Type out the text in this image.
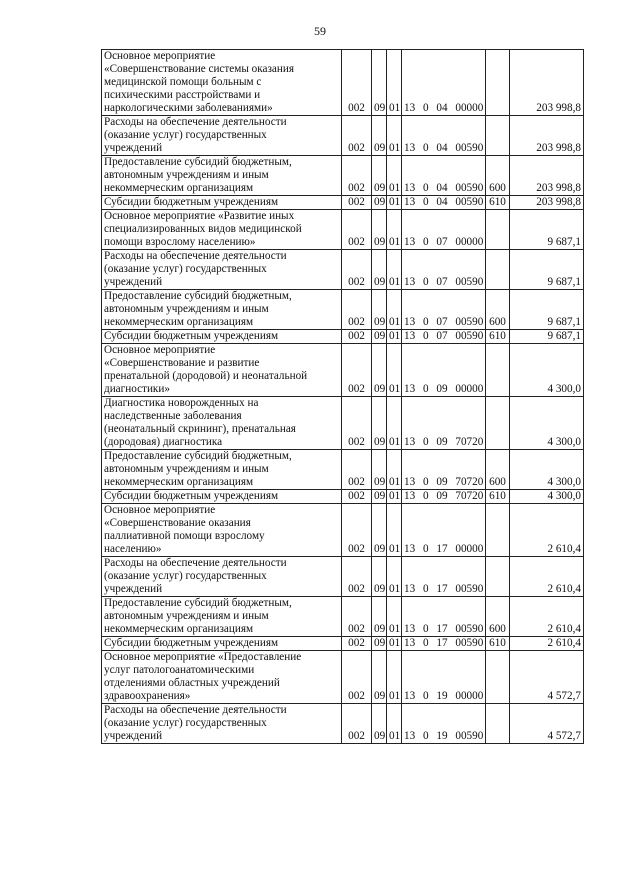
59
Основное мероприятие
«Совершенствование системы оказания
медицинской помощи больным с
психическими расстройствами и
наркологическими заболеваниями»	002	09	01	13 0 04 00000		203 998,8
Расходы на обеспечение деятельности
(оказание услуг) государственных
учреждений	002	09	01	13 0 04 00590		203 998,8
Предоставление субсидий бюджетным,
автономным учреждениям и иным
некоммерческим организациям	002	09	01	13 0 04 00590	600	203 998,8
Субсидии бюджетным учреждениям	002	09	01	13 0 04 00590	610	203 998,8
Основное мероприятие «Развитие иных
специализированных видов медицинской
помощи взрослому населению»	002	09	01	13 0 07 00000		9 687,1
Расходы на обеспечение деятельности
(оказание услуг) государственных
учреждений	002	09	01	13 0 07 00590		9 687,1
Предоставление субсидий бюджетным,
автономным учреждениям и иным
некоммерческим организациям	002	09	01	13 0 07 00590	600	9 687,1
Субсидии бюджетным учреждениям	002	09	01	13 0 07 00590	610	9 687,1
Основное мероприятие
«Совершенствование и развитие
пренатальной (дородовой) и неонатальной
диагностики»	002	09	01	13 0 09 00000		4 300,0
Диагностика новорожденных на
наследственные заболевания
(неонатальный скрининг), пренатальная
(дородовая) диагностика	002	09	01	13 0 09 70720		4 300,0
Предоставление субсидий бюджетным,
автономным учреждениям и иным
некоммерческим организациям	002	09	01	13 0 09 70720	600	4 300,0
Субсидии бюджетным учреждениям	002	09	01	13 0 09 70720	610	4 300,0
Основное мероприятие
«Совершенствование оказания
паллиативной помощи взрослому
населению»	002	09	01	13 0 17 00000		2 610,4
Расходы на обеспечение деятельности
(оказание услуг) государственных
учреждений	002	09	01	13 0 17 00590		2 610,4
Предоставление субсидий бюджетным,
автономным учреждениям и иным
некоммерческим организациям	002	09	01	13 0 17 00590	600	2 610,4
Субсидии бюджетным учреждениям	002	09	01	13 0 17 00590	610	2 610,4
Основное мероприятие «Предоставление
услуг патологоанатомическими
отделениями областных учреждений
здравоохранения»	002	09	01	13 0 19 00000		4 572,7
Расходы на обеспечение деятельности
(оказание услуг) государственных
учреждений	002	09	01	13 0 19 00590		4 572,7
